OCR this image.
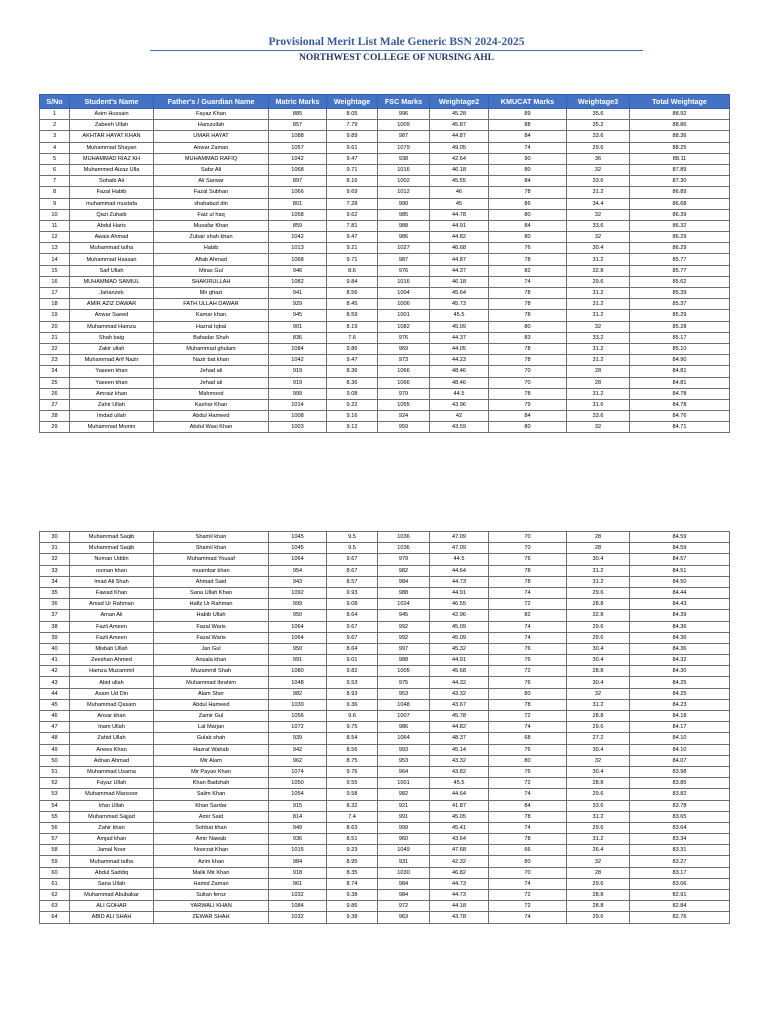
Provisional Merit List Male Generic BSN 2024-2025
NORTHWEST COLLEGE OF NURSING AHL
S/No	Student's Name	Father's / Guardian Name	Matric Marks	Weightage	FSC Marks	Weightage2	KMUCAT Marks	Weightage3	Total Weightage
1	Asim Hussain	Fayaz Khan	885	8.05	996	45.28	89	35.6	88.92
2	Zabeeh Ullah	Hamzullah	857	7.79	1009	45.87	88	35.2	88.86
3	AKHTAR HAYAT KHAN	UMAR HAYAT	1088	9.89	987	44.87	84	33.6	88.36
4	Muhammad Shayan	Anwar Zaman	1057	9.61	1079	49.05	74	29.6	88.25
5	MUHAMMAD RIAZ KH	MUHAMMAD RAFIQ	1042	9.47	938	42.64	90	36	88.11
6	Muhammed Aizaz Ulla	Sabz Ali	1068	9.71	1016	46.18	80	32	87.89
7	Sohaib Ali	Ali Sarwar	897	8.16	1002	45.55	84	33.6	87.30
8	Fazal Habib	Fazal Subhan	1066	9.69	1012	46	78	31.2	86.89
9	muhammad mustafa	shahabud din	801	7.28	990	45	86	34.4	86.68
10	Qazi Zuhaib	Faiz ul haq	1058	9.62	985	44.78	80	32	86.39
11	Abdul Haris	Musafar Khan	859	7.81	988	44.91	84	33.6	86.32
12	Awais Ahmad	Zubair shah khan	1042	9.47	986	44.82	80	32	86.29
13	Muhammad talha	Habib	1013	9.21	1027	46.68	76	30.4	86.29
14	Muhammad Hassan	Aftab Ahmad	1068	9.71	987	44.87	78	31.2	85.77
15	Saif Ullah	Miras Gul	946	8.6	976	44.37	82	32.8	85.77
16	MUHAMMAD SAMIUL	SHAKIRULLAH	1082	9.84	1016	46.18	74	29.6	85.62
17	Jahanzeb	Mir ghazi	941	8.56	1004	45.64	78	31.2	85.39
18	AMIR AZIZ DAWAR	FATH ULLAH DAWAR	929	8.45	1006	45.73	78	31.2	85.37
19	Anwar Saeed	Kamar khan	945	8.59	1001	45.5	78	31.2	85.29
20	Muhammad Hamza	Hazrat Iqbal	901	8.19	1082	45.09	80	32	85.28
21	Shah baig	Bahadar Shah	836	7.6	976	44.37	83	33.2	85.17
22	Zakir ullah	Muhammad ghulam	1084	9.86	969	44.05	78	31.2	85.10
23	Muhammad Arif Nazir	Nazir bat khan	1042	9.47	973	44.23	78	31.2	84.90
24	Yaseen khan	Jehad ali	919	8.36	1066	48.46	70	28	84.81
25	Yaseen khan	Jehad ali	919	8.36	1066	48.46	70	28	84.81
26	Amraiz khan	Mahmood	999	9.08	979	44.5	78	31.2	84.78
27	Zahir Ullah	Kashar Khan	1014	9.22	1055	43.96	79	31.6	84.78
28	Imdad ullah	Abdul Hameed	1008	9.16	924	42	84	33.6	84.76
29	Muhammad Momin	Abdul Wasi Khan	1003	9.12	959	43.59	80	32	84.71
30	Muhammad Saqib	Shamil khan	1045	9.5	1036	47.09	70	28	84.59
31	Muhammad Saqib	Shamil khan	1045	9.5	1036	47.09	70	28	84.59
32	Noman Uddin	Muhammad Yousaf	1064	9.67	979	44.5	76	30.4	84.57
33	numan khan	muambar khan	954	8.67	982	44.64	78	31.2	84.51
34	Imad Ali Shah	Ahmad Said	943	8.57	984	44.73	78	31.2	84.50
35	Fawad Khan	Sana Ullah Khan	1092	9.93	988	44.91	74	29.6	84.44
36	Amad Ur Rahman	Hafiz Ur Rahman	999	9.08	1024	46.55	72	28.8	84.43
37	Aman Ali	Habib Ullah	950	8.64	945	42.96	82	32.8	84.39
38	Fazli Ameen	Fazal Waris	1064	9.67	992	45.09	74	29.6	84.36
39	Fazli Ameen	Fazal Waris	1064	9.67	992	45.09	74	29.6	84.36
40	Misbah Ullah	Jan Gul	950	8.64	997	45.32	76	30.4	84.36
41	Zeeshan Ahmed	Ansala khan	991	9.01	988	44.91	76	30.4	84.32
42	Hamza Muzammil	Muzammil Shah	1080	9.82	1005	45.68	72	28.8	84.30
43	Abid ullah	Muhammad Ibrahim	1048	9.53	975	44.32	76	30.4	84.25
44	Asam Ud Din	Alam Sher	982	8.93	953	43.32	80	32	84.25
45	Muhammad Qasam	Abdul Hameed	1030	9.36	1048	43.67	78	31.2	84.23
46	Ansar khan	Zamir Gul	1056	9.6	1007	45.78	72	28.8	84.18
47	Inam Ullah	Lal Marjan	1072	9.75	986	44.82	74	29.6	84.17
48	Zahid Ullah	Gulab shah	939	8.54	1064	48.37	68	27.2	84.10
49	Anees Khan	Hazrat Wahab	942	8.56	993	45.14	76	30.4	84.10
50	Adnan Ahmad	Mir Alam	962	8.75	953	43.32	80	32	84.07
51	Muhammad Usama	Mir Payao Khan	1074	9.76	964	43.82	76	30.4	83.98
52	Fayaz Ullah	Khan Badshah	1050	9.55	1001	45.5	72	28.8	83.85
53	Muhammad Mansoor	Salim Khan	1054	9.58	982	44.64	74	29.6	83.82
54	Irfan Ullah	Khan Sardar	915	8.32	921	41.87	84	33.6	83.78
55	Muhammad Sajjad	Amir Said	814	7.4	991	45.05	78	31.2	83.65
56	Zahir khan	Sohbat khan	949	8.63	999	45.41	74	29.6	83.64
57	Amjad khan	Amir Nawab	936	8.51	960	43.64	78	31.2	83.34
58	Jamal Noor	Noorzat Khan	1015	9.23	1049	47.68	66	26.4	83.31
59	Muhammad talha	Azim khan	984	8.95	931	42.32	80	32	83.27
60	Abdul Saddiq	Malik Mir Khan	918	8.35	1030	46.82	70	28	83.17
61	Sana Ullah	Hamid Zaman	961	8.74	984	44.73	74	29.6	83.06
62	Muhammad Abubakar	Sultan feroz	1032	9.38	984	44.73	72	28.8	82.91
63	ALI GOHAR	YARWALI KHAN	1084	9.86	972	44.18	72	28.8	82.84
64	ABID ALI SHAH	ZEWAR SHAH	1032	9.38	963	43.78	74	29.6	82.76
